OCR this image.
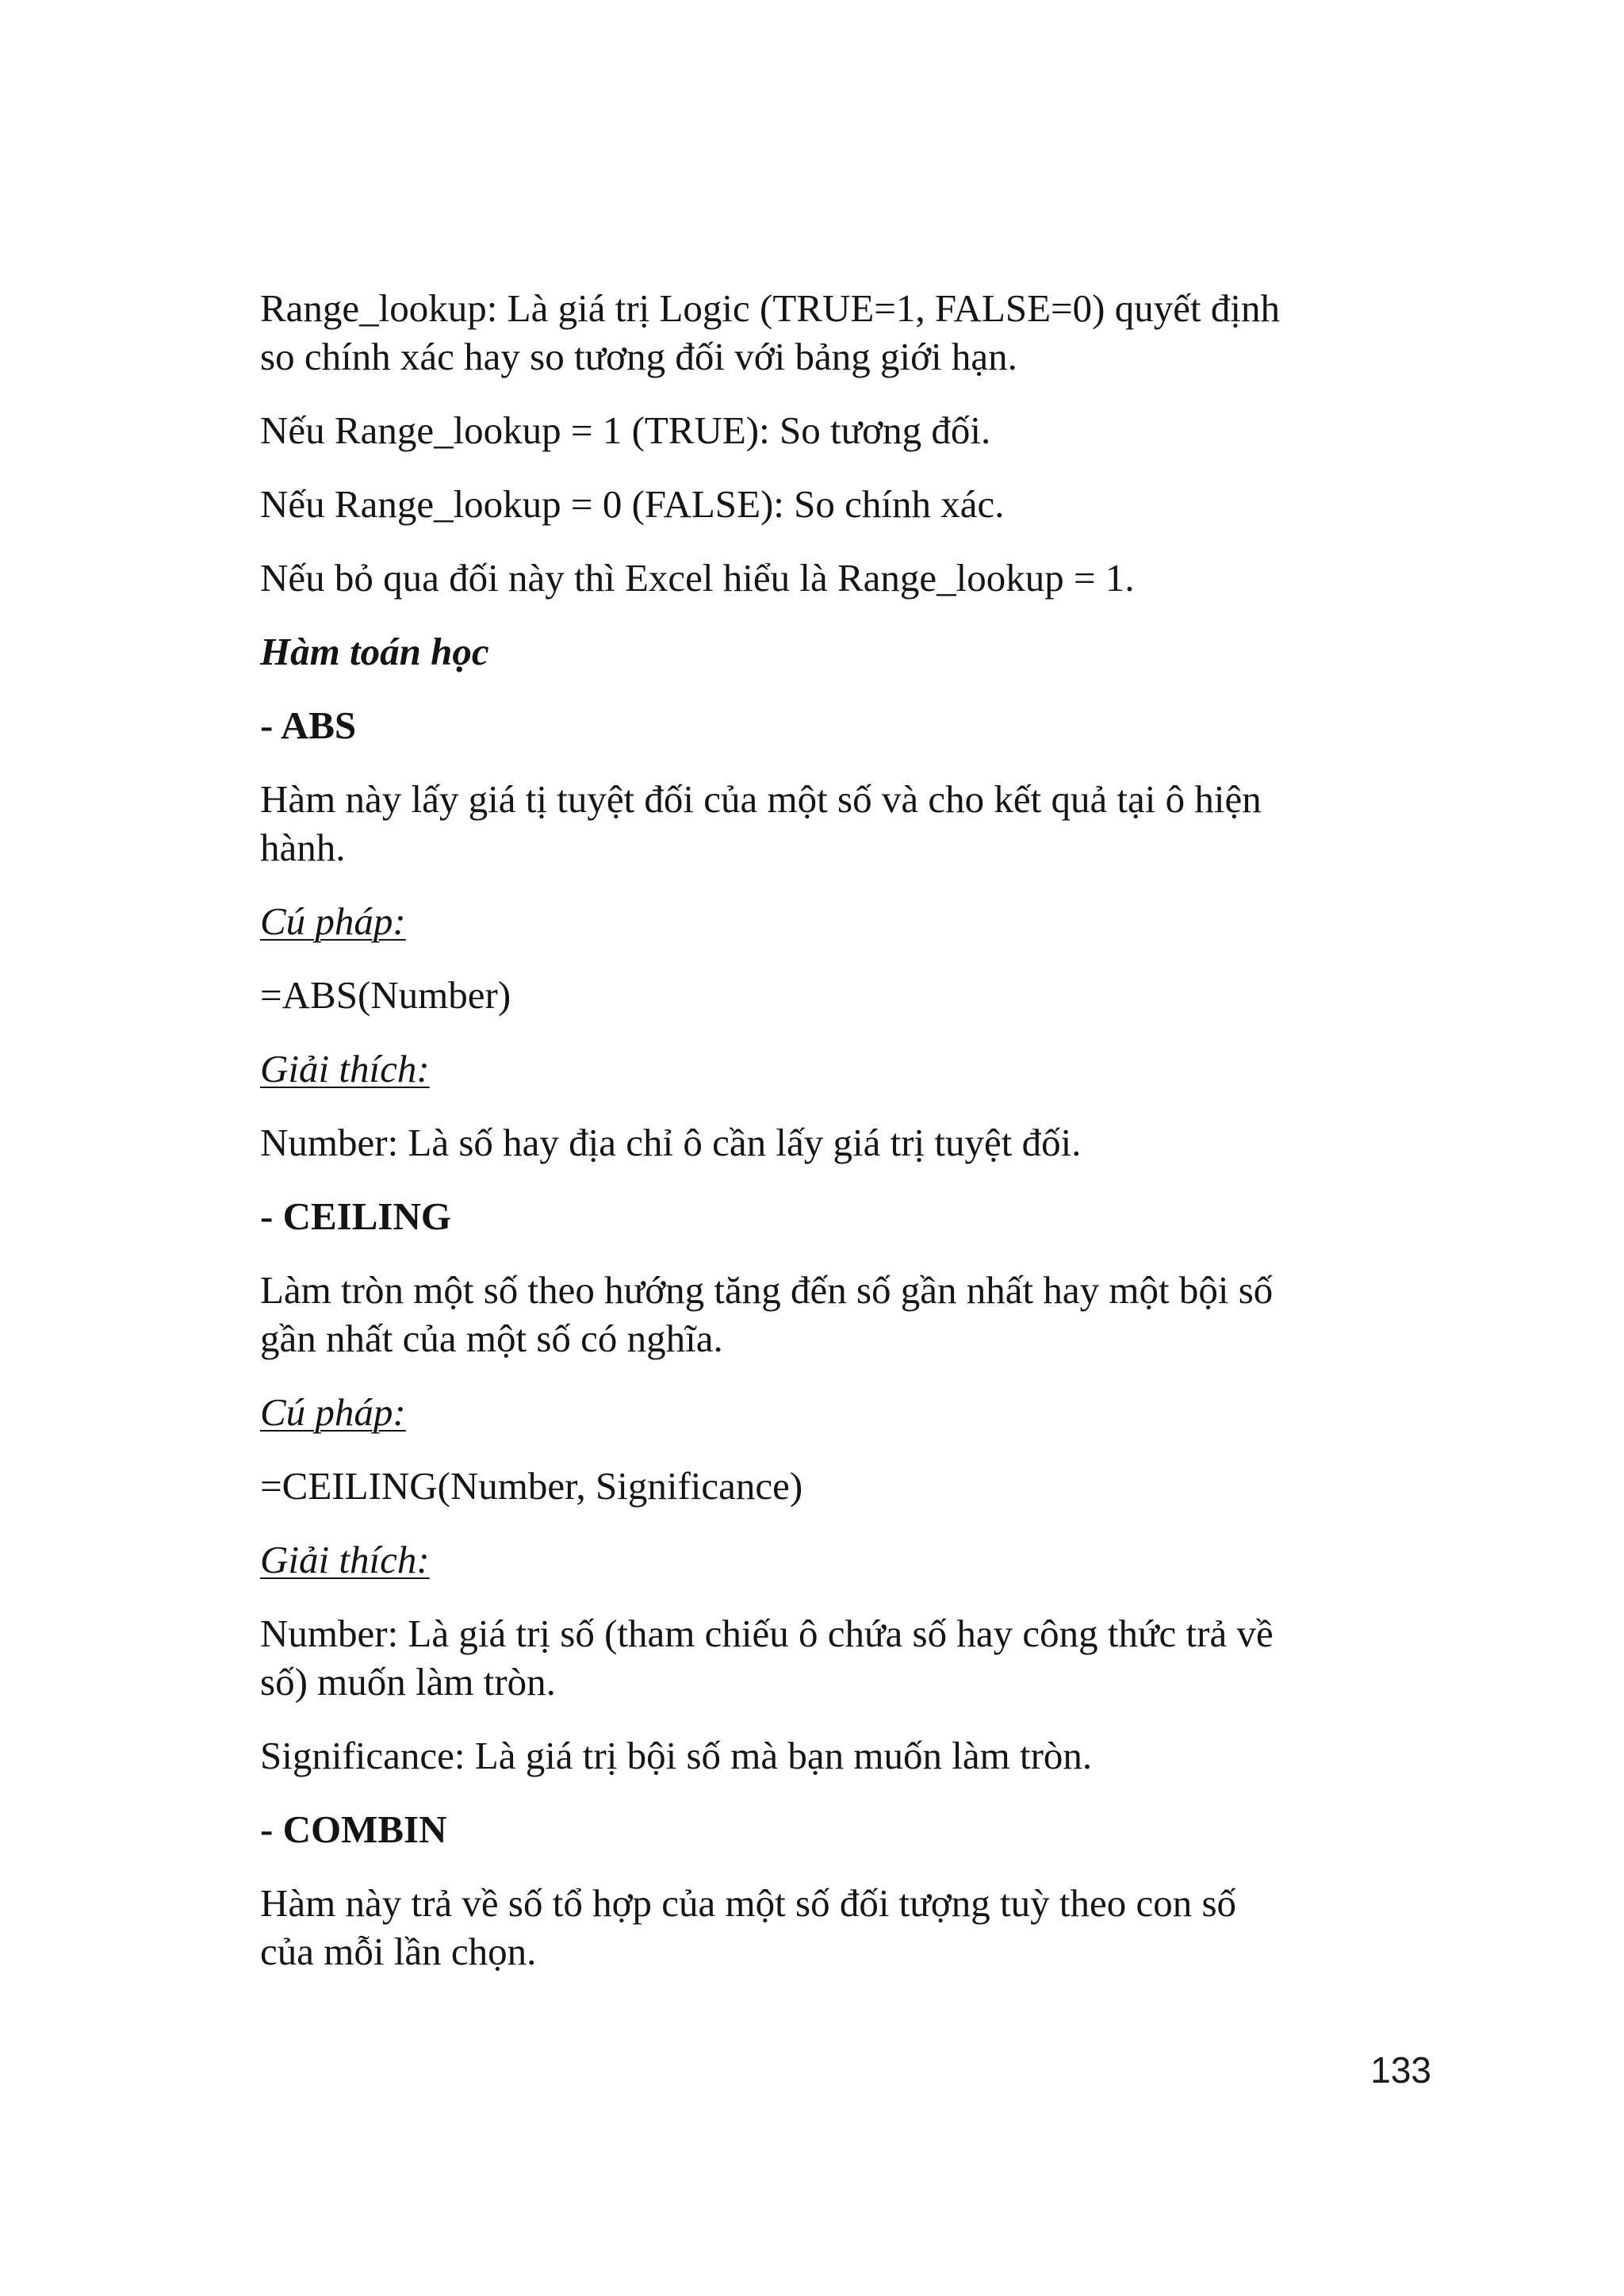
Range_lookup: Là giá trị Logic (TRUE=1, FALSE=0) quyết định
so chính xác hay so tương đối với bảng giới hạn.

Nếu Range_lookup = 1 (TRUE): So tương đối.

Nếu Range_lookup = 0 (FALSE): So chính xác.

Nếu bỏ qua đối này thì Excel hiểu là Range_lookup = 1.

Hàm toán học

- ABS

Hàm này lấy giá tị tuyệt đối của một số và cho kết quả tại ô hiện
hành.

Cú pháp:

=ABS(Number)

Giải thích:

Number: Là số hay địa chỉ ô cần lấy giá trị tuyệt đối.

- CEILING

Làm tròn một số theo hướng tăng đến số gần nhất hay một bội số
gần nhất của một số có nghĩa.

Cú pháp:

=CEILING(Number, Significance)

Giải thích:

Number: Là giá trị số (tham chiếu ô chứa số hay công thức trả về
số) muốn làm tròn.

Significance: Là giá trị bội số mà bạn muốn làm tròn.

- COMBIN

Hàm này trả về số tổ hợp của một số đối tượng tuỳ theo con số
của mỗi lần chọn.

133
